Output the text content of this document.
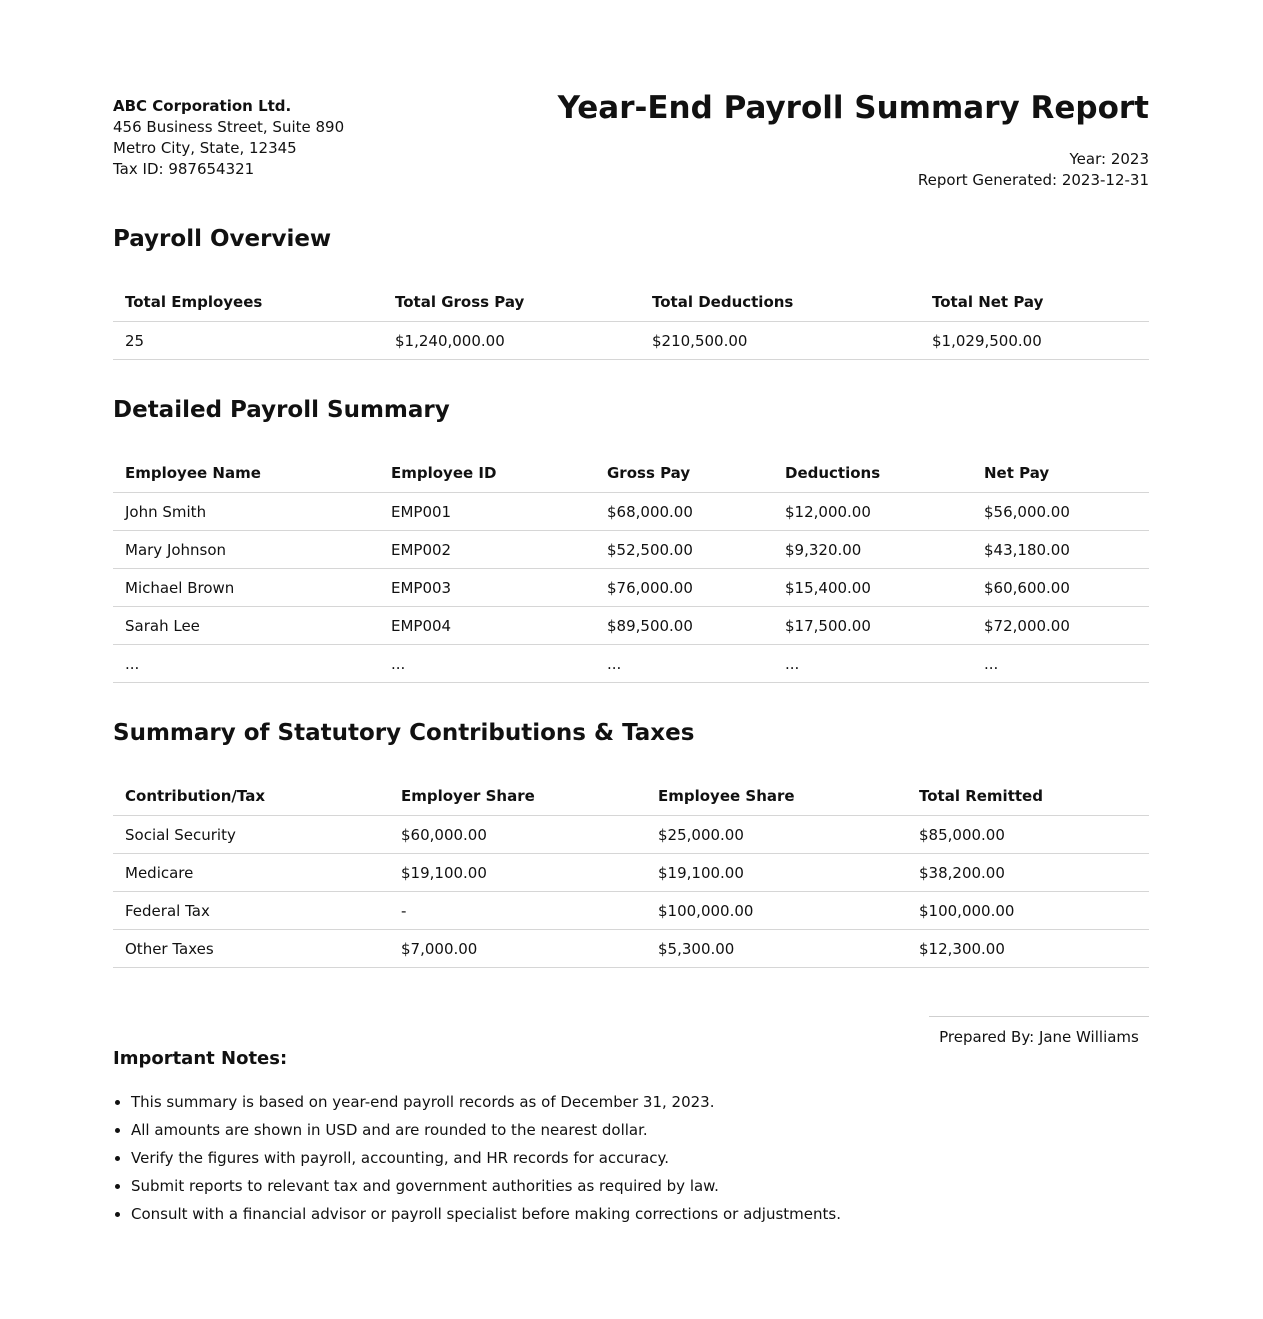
ABC Corporation Ltd.
456 Business Street, Suite 890
Metro City, State, 12345
Tax ID: 987654321
Year-End Payroll Summary Report
Year: 2023
Report Generated: 2023-12-31
Payroll Overview
Total Employees	Total Gross Pay	Total Deductions	Total Net Pay
25	$1,240,000.00	$210,500.00	$1,029,500.00
Detailed Payroll Summary
Employee Name	Employee ID	Gross Pay	Deductions	Net Pay
John Smith	EMP001	$68,000.00	$12,000.00	$56,000.00
Mary Johnson	EMP002	$52,500.00	$9,320.00	$43,180.00
Michael Brown	EMP003	$76,000.00	$15,400.00	$60,600.00
Sarah Lee	EMP004	$89,500.00	$17,500.00	$72,000.00
...	...	...	...	...
Summary of Statutory Contributions & Taxes
Contribution/Tax	Employer Share	Employee Share	Total Remitted
Social Security	$60,000.00	$25,000.00	$85,000.00
Medicare	$19,100.00	$19,100.00	$38,200.00
Federal Tax	-	$100,000.00	$100,000.00
Other Taxes	$7,000.00	$5,300.00	$12,300.00
Prepared By: Jane Williams
Important Notes:
• This summary is based on year-end payroll records as of December 31, 2023.
• All amounts are shown in USD and are rounded to the nearest dollar.
• Verify the figures with payroll, accounting, and HR records for accuracy.
• Submit reports to relevant tax and government authorities as required by law.
• Consult with a financial advisor or payroll specialist before making corrections or adjustments.
